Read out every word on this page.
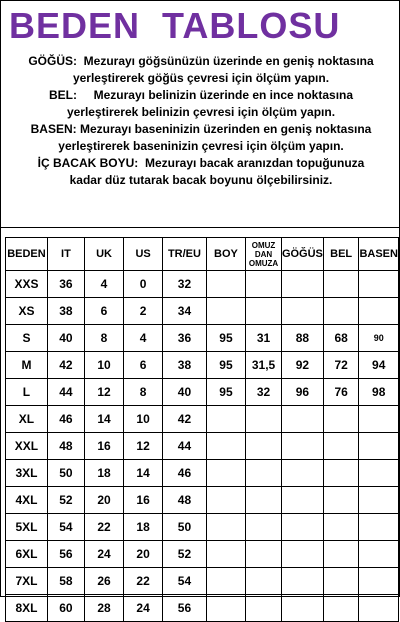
BEDEN  TABLOSU

GÖĞÜS:  Mezurayı göğsünüzün üzerinde en geniş noktasına

yerleştirerek göğüs çevresi için ölçüm yapın.

BEL:     Mezurayı belinizin üzerinde en ince noktasına

yerleştirerek belinizin çevresi için ölçüm yapın.

BASEN: Mezurayı baseninizin üzerinden en geniş noktasına

yerleştirerek baseninizin çevresi için ölçüm yapın.

İÇ BACAK BOYU:  Mezurayı bacak aranızdan topuğunuza

kadar düz tutarak bacak boyunu ölçebilirsiniz.

BEDEN	IT	UK	US	TR/EU	BOY	OMUZ DAN OMUZA	GÖĞÜS	BEL	BASEN
XXS	36	4	0	32					
XS	38	6	2	34					
S	40	8	4	36	95	31	88	68	90
M	42	10	6	38	95	31,5	92	72	94
L	44	12	8	40	95	32	96	76	98
XL	46	14	10	42					
XXL	48	16	12	44					
3XL	50	18	14	46					
4XL	52	20	16	48					
5XL	54	22	18	50					
6XL	56	24	20	52					
7XL	58	26	22	54					
8XL	60	28	24	56					
